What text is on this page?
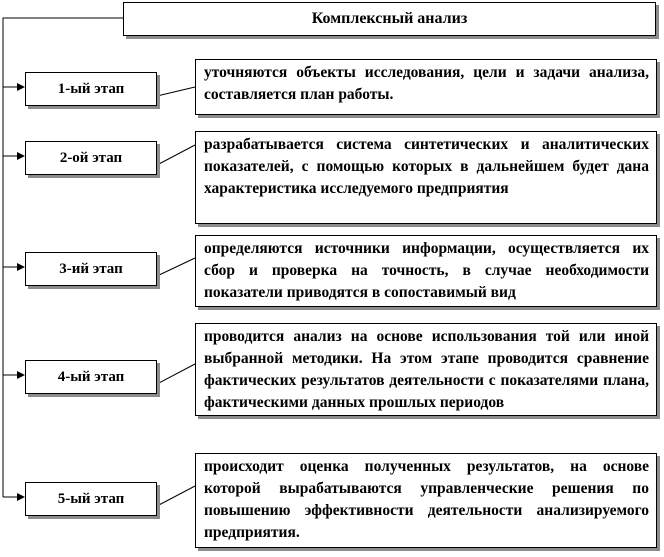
Комплексный анализ
1-ый этап
уточняются объекты исследования, цели и задачи анализа, составляется план работы.
2-ой этап
разрабатывается система синтетических и аналитических показателей, с помощью которых в дальнейшем будет дана характеристика исследуемого предприятия
3-ий этап
определяются источники информации, осуществляется их сбор и проверка на точность, в случае необходимости показатели приводятся в сопоставимый вид
4-ый этап
проводится анализ на основе использования той или иной выбранной методики. На этом этапе проводится сравнение фактических результатов деятельности с показателями плана, фактическими данных прошлых периодов
5-ый этап
происходит оценка полученных результатов, на основе которой вырабатываются управленческие решения по повышению эффективности деятельности анализируемого предприятия.
